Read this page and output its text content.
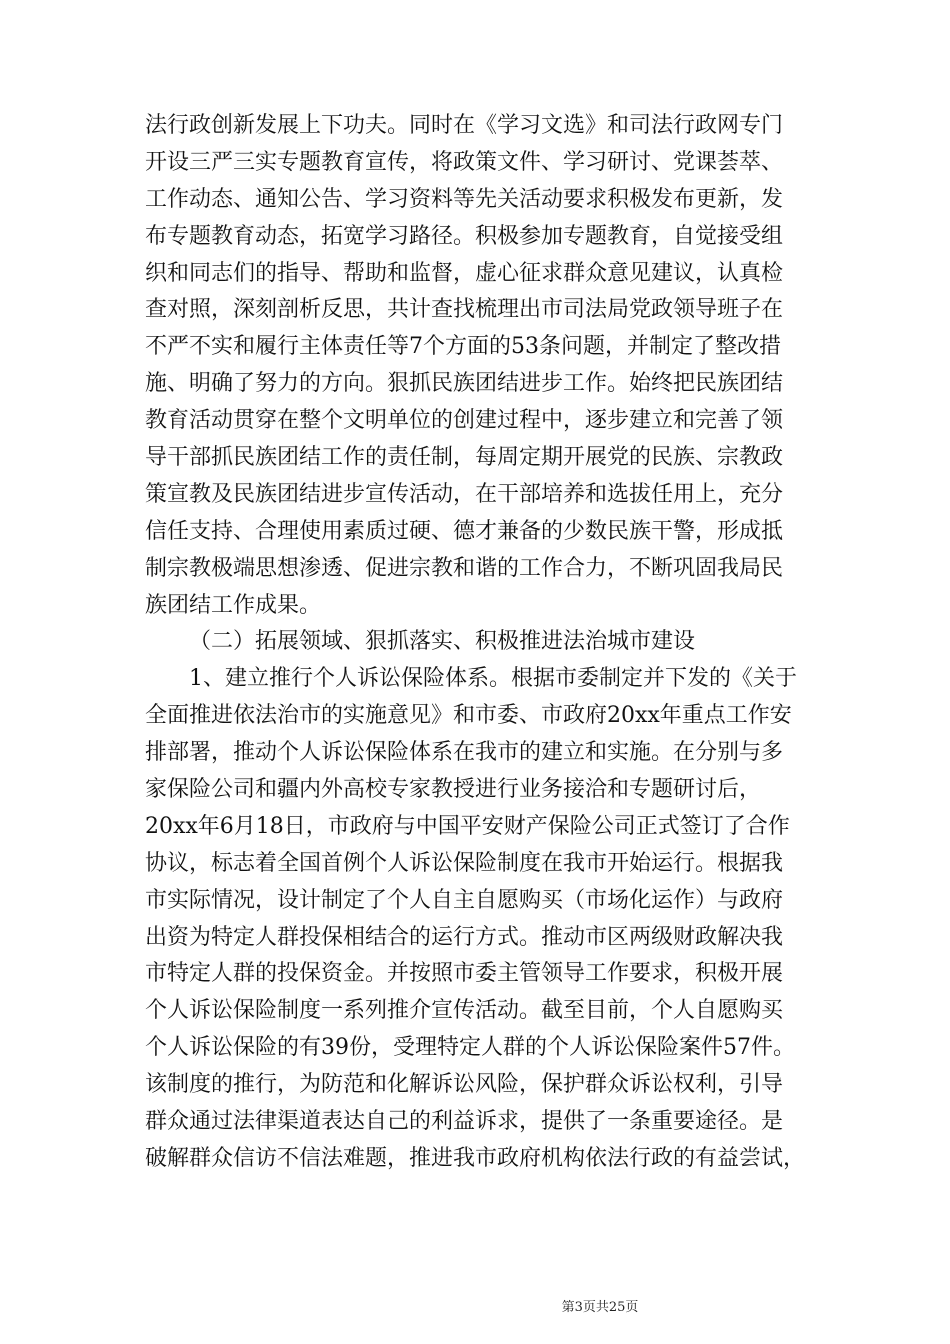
法行政创新发展上下功夫。同时在《学习文选》和司法行政网专门
开设三严三实专题教育宣传，将政策文件、学习研讨、党课荟萃、
工作动态、通知公告、学习资料等先关活动要求积极发布更新，发
布专题教育动态，拓宽学习路径。积极参加专题教育，自觉接受组
织和同志们的指导、帮助和监督，虚心征求群众意见建议，认真检
查对照，深刻剖析反思，共计查找梳理出市司法局党政领导班子在
不严不实和履行主体责任等7个方面的53条问题，并制定了整改措
施、明确了努力的方向。狠抓民族团结进步工作。始终把民族团结
教育活动贯穿在整个文明单位的创建过程中，逐步建立和完善了领
导干部抓民族团结工作的责任制，每周定期开展党的民族、宗教政
策宣教及民族团结进步宣传活动，在干部培养和选拔任用上，充分
信任支持、合理使用素质过硬、德才兼备的少数民族干警，形成抵
制宗教极端思想渗透、促进宗教和谐的工作合力，不断巩固我局民
族团结工作成果。
（二）拓展领域、狠抓落实、积极推进法治城市建设
1、建立推行个人诉讼保险体系。根据市委制定并下发的《关于
全面推进依法治市的实施意见》和市委、市政府20xx年重点工作安
排部署，推动个人诉讼保险体系在我市的建立和实施。在分别与多
家保险公司和疆内外高校专家教授进行业务接洽和专题研讨后，
20xx年6月18日，市政府与中国平安财产保险公司正式签订了合作
协议，标志着全国首例个人诉讼保险制度在我市开始运行。根据我
市实际情况，设计制定了个人自主自愿购买（市场化运作）与政府
出资为特定人群投保相结合的运行方式。推动市区两级财政解决我
市特定人群的投保资金。并按照市委主管领导工作要求，积极开展
个人诉讼保险制度一系列推介宣传活动。截至目前，个人自愿购买
个人诉讼保险的有39份，受理特定人群的个人诉讼保险案件57件。
该制度的推行，为防范和化解诉讼风险，保护群众诉讼权利，引导
群众通过法律渠道表达自己的利益诉求，提供了一条重要途径。是
破解群众信访不信法难题，推进我市政府机构依法行政的有益尝试，
第3页共25页
